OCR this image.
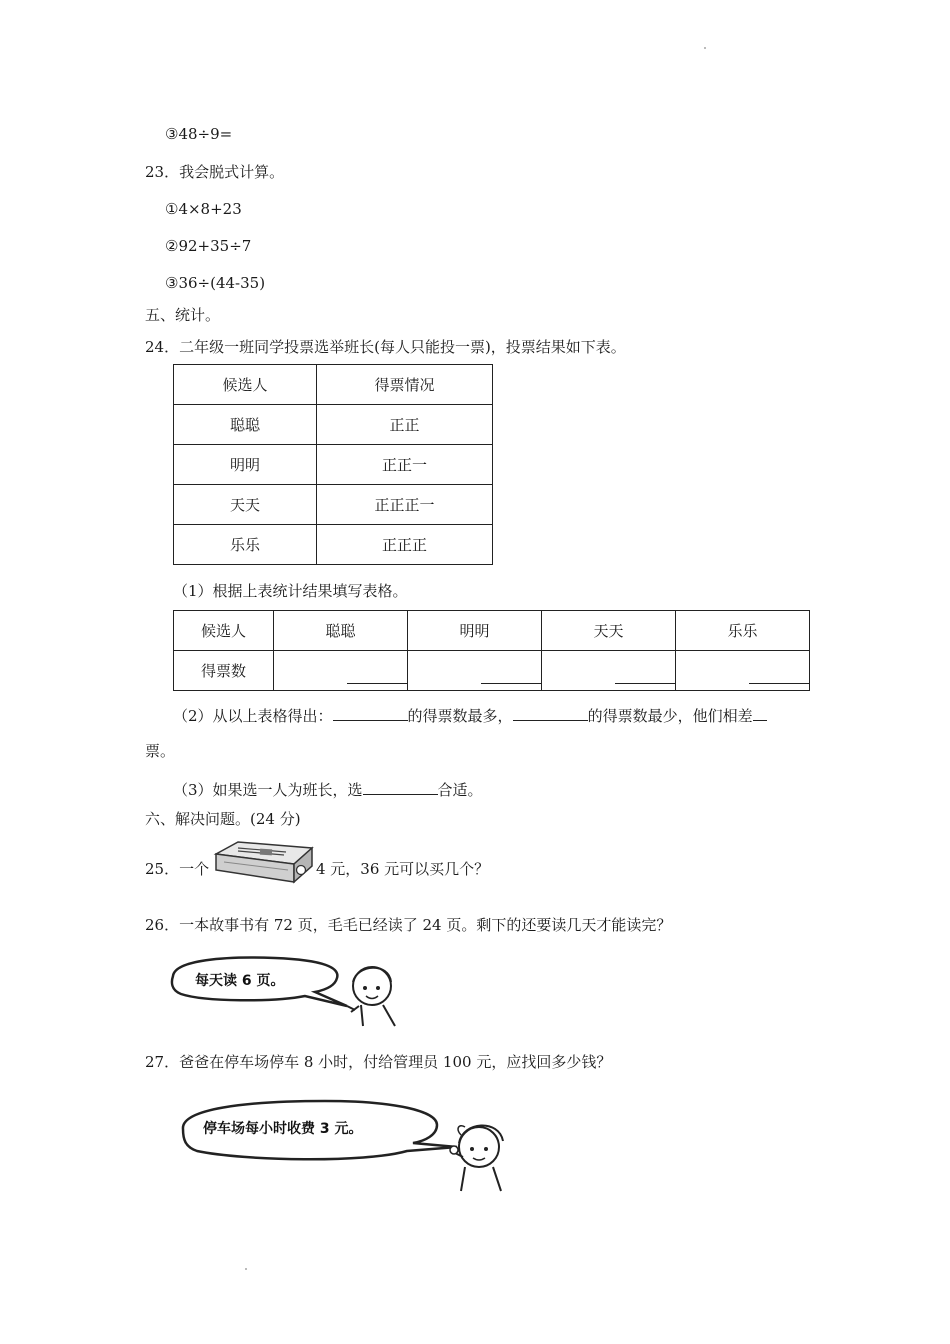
③48÷9=
23．我会脱式计算。
①4×8+23
②92+35÷7
③36÷(44-35)
五、统计。
24．二年级一班同学投票选举班长(每人只能投一票)，投票结果如下表。
候选人	得票情况
聪聪	正正
明明	正正一
天天	正正正一
乐乐	正正正
（1）根据上表统计结果填写表格。
候选人	聪聪	明明	天天	乐乐
得票数	

（2）从以上表格得出：	的得票数最多，	的得票数最少，他们相差
票。
（3）如果选一人为班长，选	合适。
六、解决问题。(24 分)
25．一个	4 元，36 元可以买几个？
26．一本故事书有 72 页，毛毛已经读了 24 页。剩下的还要读几天才能读完？
每天读 6 页。
27．爸爸在停车场停车 8 小时，付给管理员 100 元，应找回多少钱？
停车场每小时收费 3 元。
